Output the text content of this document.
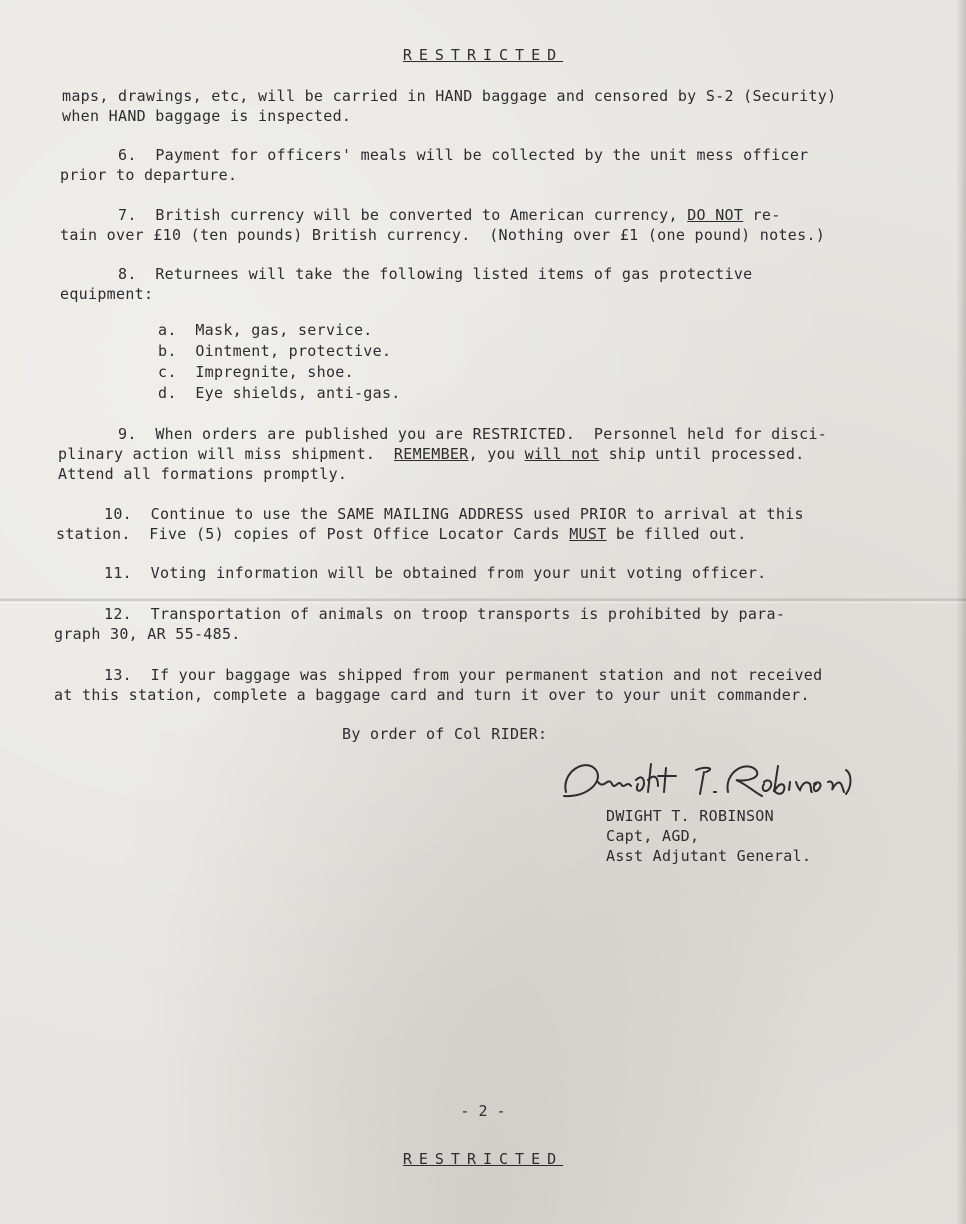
RESTRICTED
maps, drawings, etc, will be carried in HAND baggage and censored by S-2 (Security)
when HAND baggage is inspected.
6.  Payment for officers' meals will be collected by the unit mess officer
prior to departure.
7.  British currency will be converted to American currency, DO NOT re-
tain over £10 (ten pounds) British currency.  (Nothing over £1 (one pound) notes.)
8.  Returnees will take the following listed items of gas protective
equipment:
a.  Mask, gas, service.
b.  Ointment, protective.
c.  Impregnite, shoe.
d.  Eye shields, anti-gas.
9.  When orders are published you are RESTRICTED.  Personnel held for disci-
plinary action will miss shipment. REMEMBER, you will not ship until processed.
Attend all formations promptly.
10.  Continue to use the SAME MAILING ADDRESS used PRIOR to arrival at this
station.  Five (5) copies of Post Office Locator Cards MUST be filled out.
11.  Voting information will be obtained from your unit voting officer.
12.  Transportation of animals on troop transports is prohibited by para-
graph 30, AR 55-485.
13.  If your baggage was shipped from your permanent station and not received
at this station, complete a baggage card and turn it over to your unit commander.
By order of Col RIDER:
DWIGHT T. ROBINSON
Capt, AGD,
Asst Adjutant General.
- 2 -
RESTRICTED
